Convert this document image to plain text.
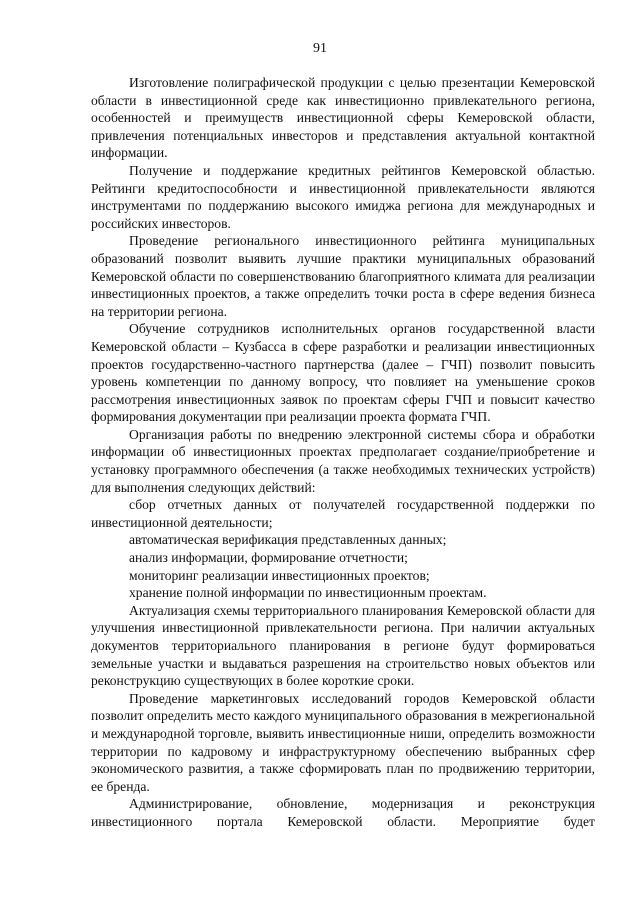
91

Изготовление полиграфической продукции с целью презентации Кемеровской области в инвестиционной среде как инвестиционно привлекательного региона, особенностей и преимуществ инвестиционной сферы Кемеровской области, привлечения потенциальных инвесторов и представления актуальной контактной информации.

Получение и поддержание кредитных рейтингов Кемеровской областью. Рейтинги кредитоспособности и инвестиционной привлекательности являются инструментами по поддержанию высокого имиджа региона для международных и российских инвесторов.

Проведение регионального инвестиционного рейтинга муниципальных образований позволит выявить лучшие практики муниципальных образований Кемеровской области по совершенствованию благоприятного климата для реализации инвестиционных проектов, а также определить точки роста в сфере ведения бизнеса на территории региона.

Обучение сотрудников исполнительных органов государственной власти Кемеровской области – Кузбасса в сфере разработки и реализации инвестиционных проектов государственно-частного партнерства (далее – ГЧП) позволит повысить уровень компетенции по данному вопросу, что повлияет на уменьшение сроков рассмотрения инвестиционных заявок по проектам сферы ГЧП и повысит качество формирования документации при реализации проекта формата ГЧП.

Организация работы по внедрению электронной системы сбора и обработки информации об инвестиционных проектах предполагает создание/приобретение и установку программного обеспечения (а также необходимых технических устройств) для выполнения следующих действий:

сбор отчетных данных от получателей государственной поддержки по инвестиционной деятельности;

автоматическая верификация представленных данных;

анализ информации, формирование отчетности;

мониторинг реализации инвестиционных проектов;

хранение полной информации по инвестиционным проектам.

Актуализация схемы территориального планирования Кемеровской области для улучшения инвестиционной привлекательности региона. При наличии актуальных документов территориального планирования в регионе будут формироваться земельные участки и выдаваться разрешения на строительство новых объектов или реконструкцию существующих в более короткие сроки.

Проведение маркетинговых исследований городов Кемеровской области позволит определить место каждого муниципального образования в межрегиональной и международной торговле, выявить инвестиционные ниши, определить возможности территории по кадровому и инфраструктурному обеспечению выбранных сфер экономического развития, а также сформировать план по продвижению территории, ее бренда.

Администрирование, обновление, модернизация и реконструкция инвестиционного портала Кемеровской области. Мероприятие будет
